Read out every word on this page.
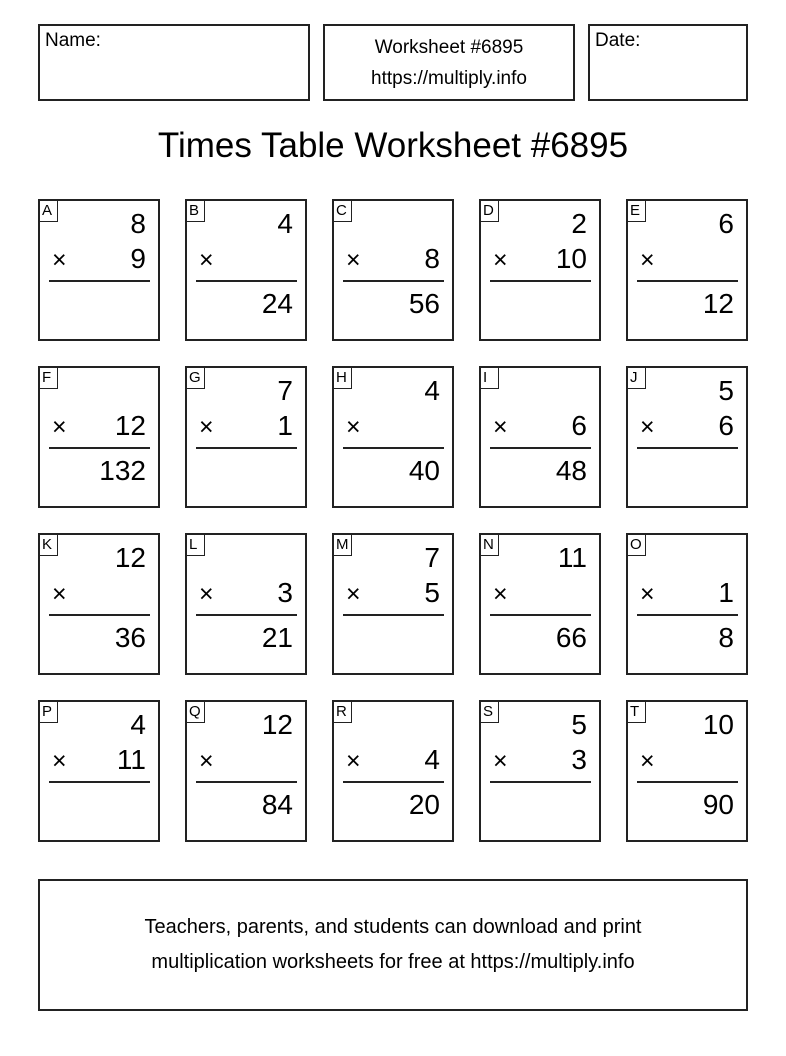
Name:	Worksheet #6895
https://multiply.info
Date:
Times Table Worksheet #6895
A	8
× 9
B	4
×
24
C
× 8
56
D	2
× 10
E	6
×
12
F
× 12
132
G	7
× 1
H	4
×
40
I
× 6
48
J	5
× 6
K 12
×
36
L
× 3
21
M	7
× 5
N 11
×
66
O
× 1
8
P	4
× 11
Q 12
×
84
R
× 4
20
S	5
× 3
T 10
×
90
Teachers, parents, and students can download and print
multiplication worksheets for free at https://multiply.info
